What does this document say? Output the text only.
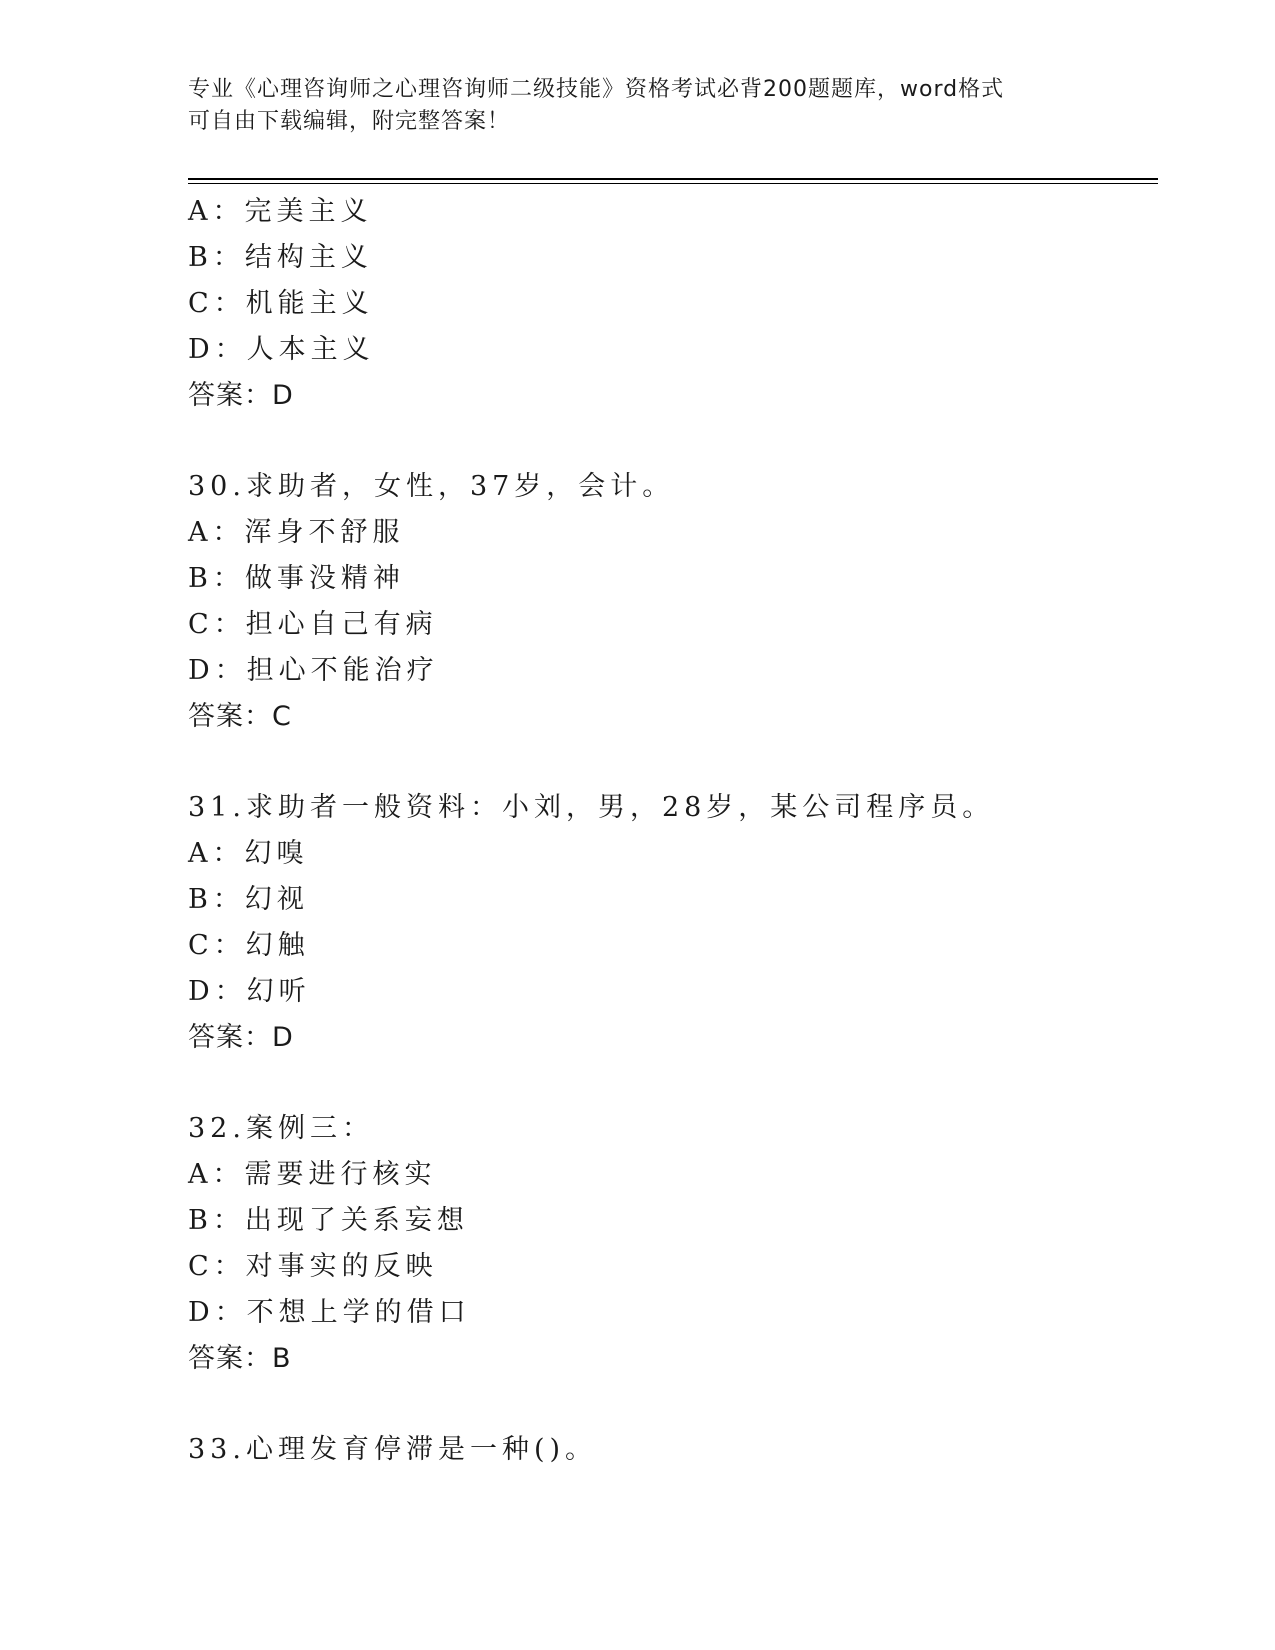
专业《心理咨询师之心理咨询师二级技能》资格考试必背200题题库，word格式
可自由下载编辑，附完整答案！
A：完美主义
B：结构主义
C：机能主义
D：人本主义
答案：D
30.求助者，女性，37岁，会计。
A：浑身不舒服
B：做事没精神
C：担心自己有病
D：担心不能治疗
答案：C
31.求助者一般资料：小刘，男，28岁，某公司程序员。
A：幻嗅
B：幻视
C：幻触
D：幻听
答案：D
32.案例三：
A：需要进行核实
B：出现了关系妄想
C：对事实的反映
D：不想上学的借口
答案：B
33.心理发育停滞是一种()。
